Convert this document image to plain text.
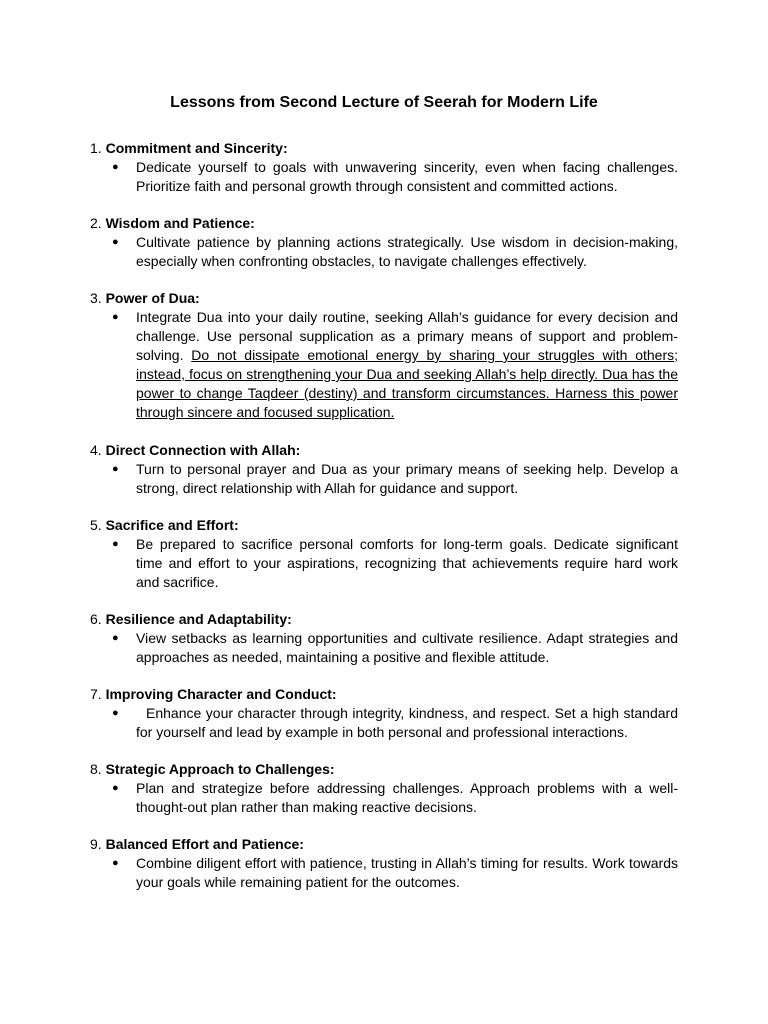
Lessons from Second Lecture of Seerah for Modern Life
1. Commitment and Sincerity:
● Dedicate yourself to goals with unwavering sincerity, even when facing challenges. Prioritize faith and personal growth through consistent and committed actions.
2. Wisdom and Patience:
● Cultivate patience by planning actions strategically. Use wisdom in decision-making, especially when confronting obstacles, to navigate challenges effectively.
3. Power of Dua:
● Integrate Dua into your daily routine, seeking Allah’s guidance for every decision and challenge. Use personal supplication as a primary means of support and problem-solving. Do not dissipate emotional energy by sharing your struggles with others; instead, focus on strengthening your Dua and seeking Allah’s help directly. Dua has the power to change Taqdeer (destiny) and transform circumstances. Harness this power through sincere and focused supplication.
4. Direct Connection with Allah:
● Turn to personal prayer and Dua as your primary means of seeking help. Develop a strong, direct relationship with Allah for guidance and support.
5. Sacrifice and Effort:
● Be prepared to sacrifice personal comforts for long-term goals. Dedicate significant time and effort to your aspirations, recognizing that achievements require hard work and sacrifice.
6. Resilience and Adaptability:
● View setbacks as learning opportunities and cultivate resilience. Adapt strategies and approaches as needed, maintaining a positive and flexible attitude.
7. Improving Character and Conduct:
●	Enhance your character through integrity, kindness, and respect. Set a high standard for yourself and lead by example in both personal and professional interactions.
8. Strategic Approach to Challenges:
● Plan and strategize before addressing challenges. Approach problems with a well-thought-out plan rather than making reactive decisions.
9. Balanced Effort and Patience:
● Combine diligent effort with patience, trusting in Allah’s timing for results. Work towards your goals while remaining patient for the outcomes.
